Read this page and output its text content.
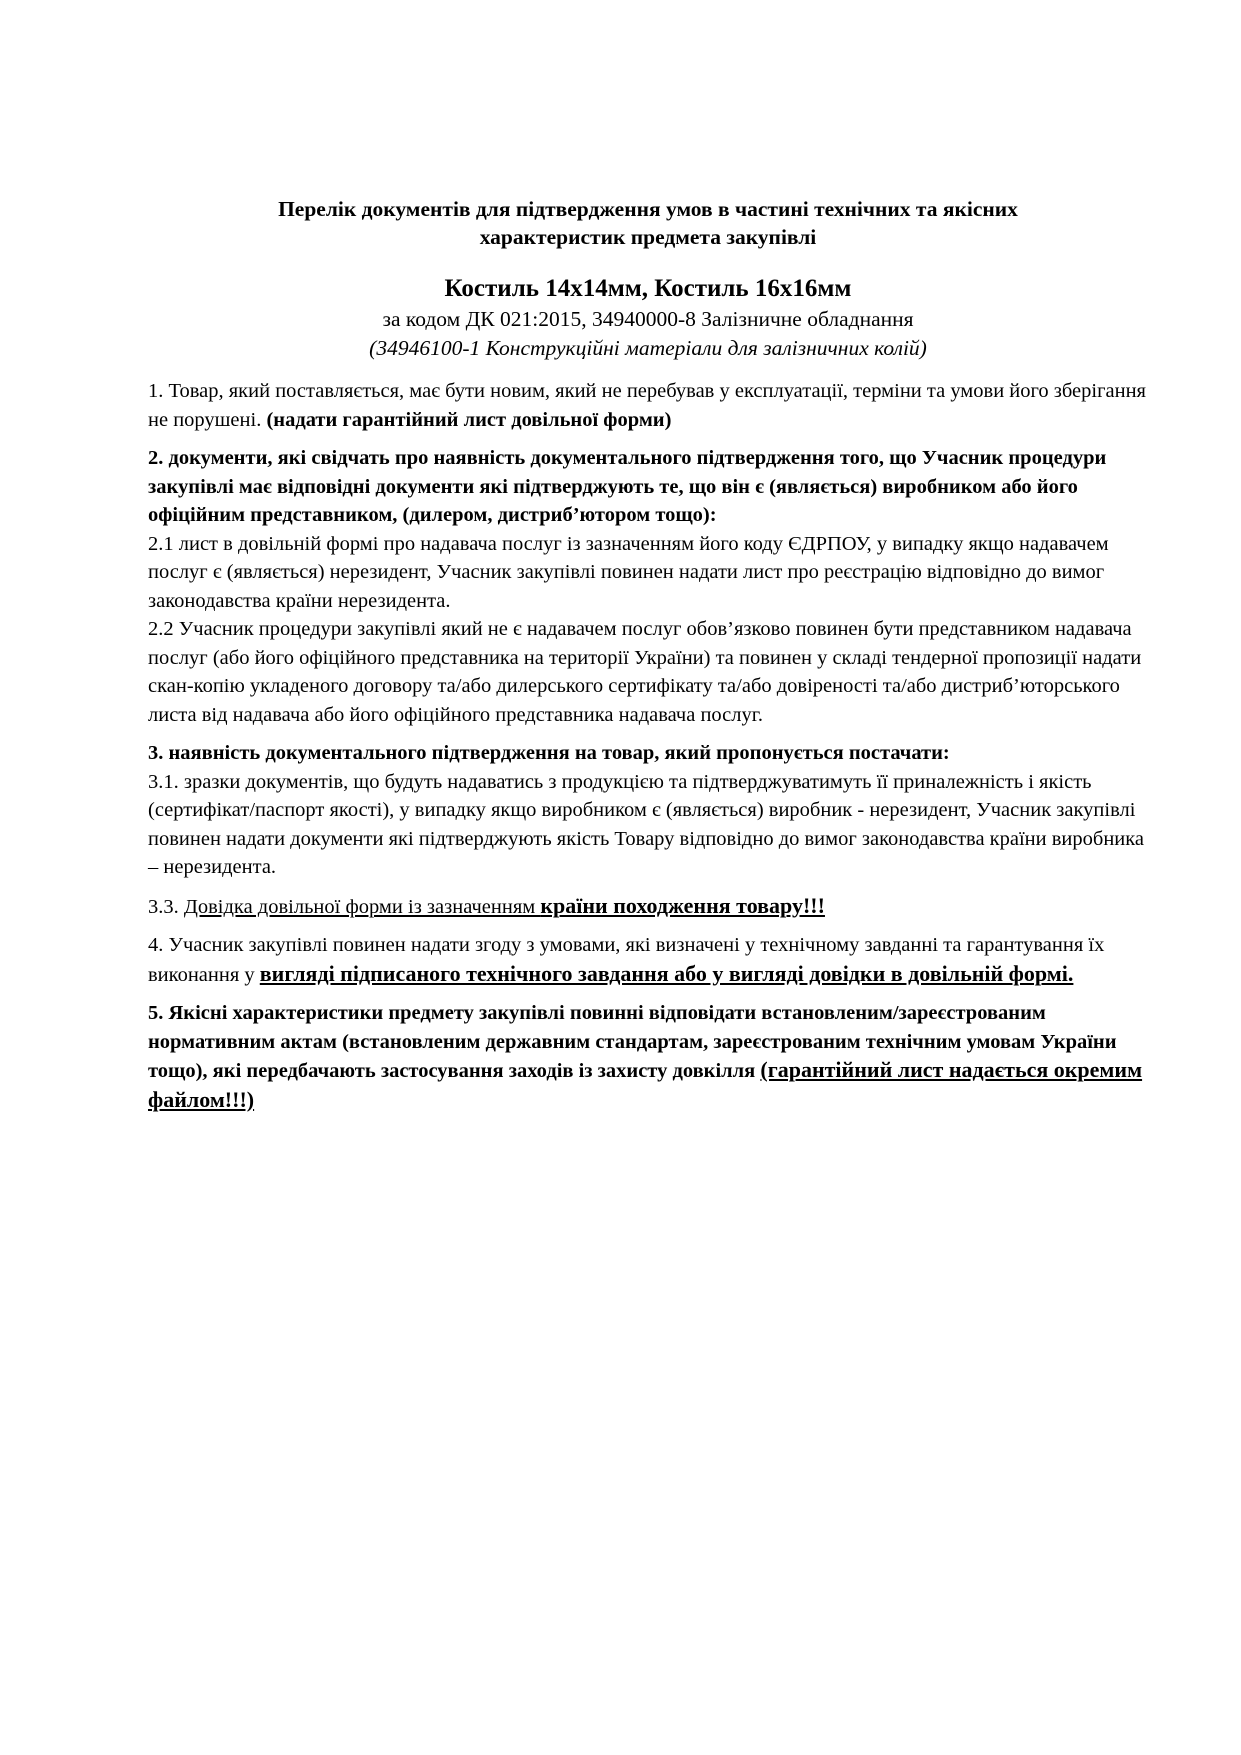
Перелік документів для підтвердження умов в частині технічних та якісних
характеристик предмета закупівлі

Костиль 14х14мм, Костиль 16х16мм

за кодом ДК 021:2015, 34940000-8 Залізничне обладнання

(34946100-1 Конструкційні матеріали для залізничних колій)

1. Товар, який поставляється, має бути новим, який не перебував у експлуатації, терміни та умови його зберігання не порушені. (надати гарантійний лист довільної форми)

2. документи, які свідчать про наявність документального підтвердження того, що Учасник процедури закупівлі має відповідні документи які підтверджують те, що він є (являється) виробником або його офіційним представником, (дилером, дистриб’ютором тощо):

2.1 лист в довільній формі про надавача послуг із зазначенням його коду ЄДРПОУ, у випадку якщо надавачем послуг є (являється) нерезидент, Учасник закупівлі повинен надати лист про реєстрацію відповідно до вимог законодавства країни нерезидента.

2.2 Учасник процедури закупівлі який не є надавачем послуг обов’язково повинен бути представником надавача послуг (або його офіційного представника на території України) та повинен у складі тендерної пропозиції надати скан-копію укладеного договору та/або дилерського сертифікату та/або довіреності та/або дистриб’юторського листа від надавача або його офіційного представника надавача послуг.

3. наявність документального підтвердження на товар, який пропонується постачати:

3.1. зразки документів, що будуть надаватись з продукцією та підтверджуватимуть її приналежність і якість (сертифікат/паспорт якості), у випадку якщо виробником є (являється) виробник - нерезидент, Учасник закупівлі повинен надати документи які підтверджують якість Товару відповідно до вимог законодавства країни виробника – нерезидента.

3.3. Довідка довільної форми із зазначенням країни походження товару!!!

4. Учасник закупівлі повинен надати згоду з умовами, які визначені у технічному завданні та гарантування їх виконання у вигляді підписаного технічного завдання або у вигляді довідки в довільній формі.

5. Якісні характеристики предмету закупівлі повинні відповідати встановленим/зареєстрованим нормативним актам (встановленим державним стандартам, зареєстрованим технічним умовам України тощо), які передбачають застосування заходів із захисту довкілля (гарантійний лист надається окремим файлом!!!)
